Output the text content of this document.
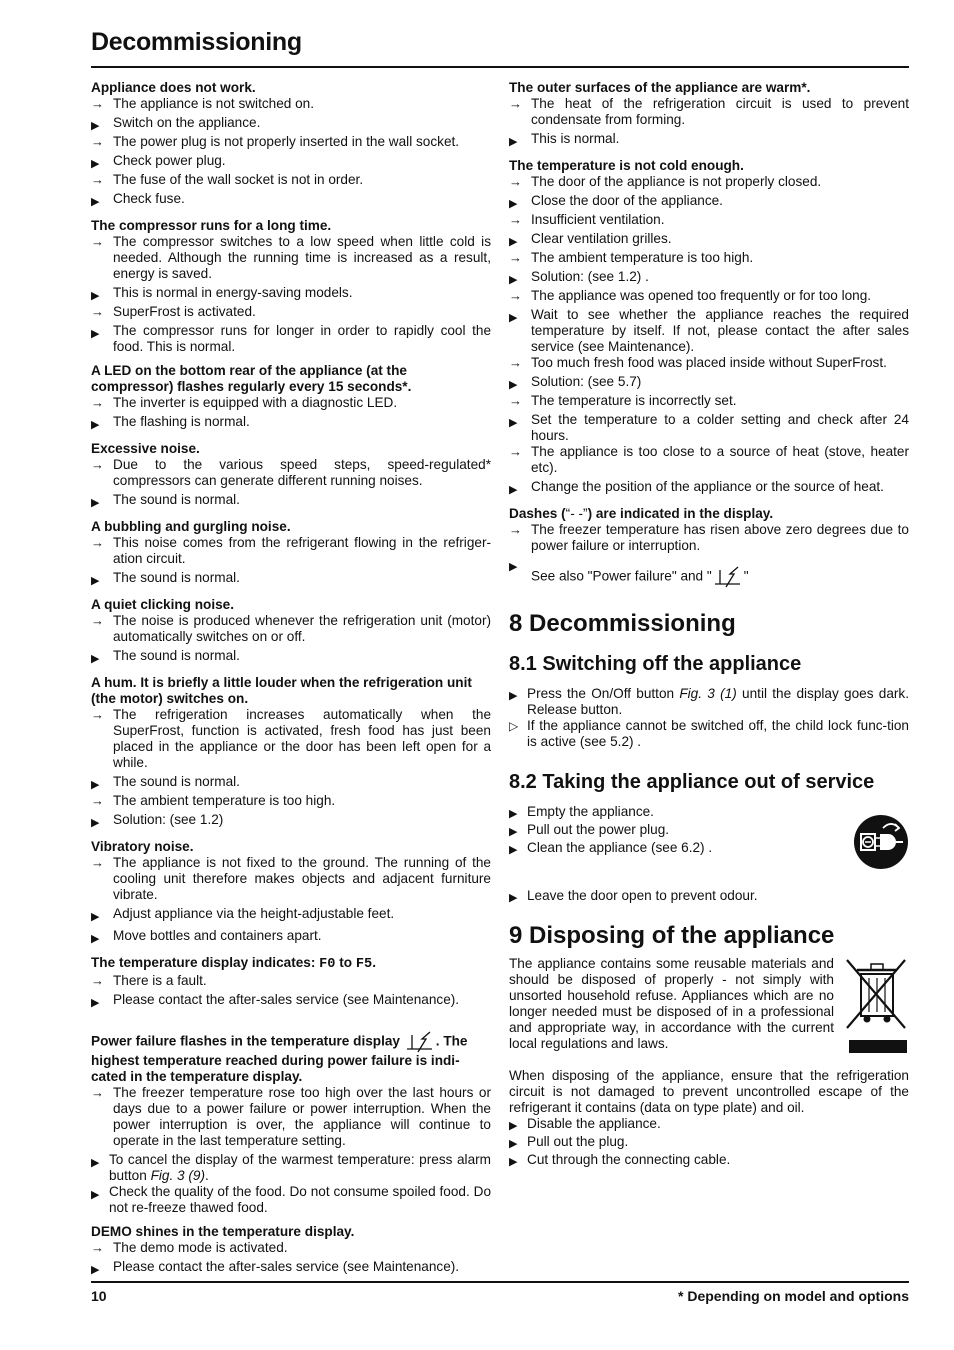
Decommissioning
Appliance does not work.
→ The appliance is not switched on.
▶ Switch on the appliance.
→ The power plug is not properly inserted in the wall socket.
▶ Check power plug.
→ The fuse of the wall socket is not in order.
▶ Check fuse.
The compressor runs for a long time.
→ The compressor switches to a low speed when little cold is needed. Although the running time is increased as a result, energy is saved.
▶ This is normal in energy-saving models.
→ SuperFrost is activated.
▶ The compressor runs for longer in order to rapidly cool the food. This is normal.
A LED on the bottom rear of the appliance (at the compressor) flashes regularly every 15 seconds*.
→ The inverter is equipped with a diagnostic LED.
▶ The flashing is normal.
Excessive noise.
→ Due to the various speed steps, speed-regulated* compressors can generate different running noises.
▶ The sound is normal.
A bubbling and gurgling noise.
→ This noise comes from the refrigerant flowing in the refriger-ation circuit.
▶ The sound is normal.
A quiet clicking noise.
→ The noise is produced whenever the refrigeration unit (motor) automatically switches on or off.
▶ The sound is normal.
A hum. It is briefly a little louder when the refrigeration unit (the motor) switches on.
→ The refrigeration increases automatically when the SuperFrost, function is activated, fresh food has just been placed in the appliance or the door has been left open for a while.
▶ The sound is normal.
→ The ambient temperature is too high.
▶ Solution: (see 1.2)
Vibratory noise.
→ The appliance is not fixed to the ground. The running of the cooling unit therefore makes objects and adjacent furniture vibrate.
▶ Adjust appliance via the height-adjustable feet.
▶ Move bottles and containers apart.
The temperature display indicates: F0 to F5.
→ There is a fault.
▶ Please contact the after-sales service (see Maintenance).
Power failure flashes in the temperature display . The highest temperature reached during power failure is indi-cated in the temperature display.
→ The freezer temperature rose too high over the last hours or days due to a power failure or power interruption. When the power interruption is over, the appliance will continue to operate in the last temperature setting.
▶ To cancel the display of the warmest temperature: press alarm button Fig. 3 (9).
▶ Check the quality of the food. Do not consume spoiled food. Do not re-freeze thawed food.
DEMO shines in the temperature display.
→ The demo mode is activated.
▶ Please contact the after-sales service (see Maintenance).
The outer surfaces of the appliance are warm*.
→ The heat of the refrigeration circuit is used to prevent condensate from forming.
▶ This is normal.
The temperature is not cold enough.
→ The door of the appliance is not properly closed.
▶ Close the door of the appliance.
→ Insufficient ventilation.
▶ Clear ventilation grilles.
→ The ambient temperature is too high.
▶ Solution: (see 1.2) .
→ The appliance was opened too frequently or for too long.
▶ Wait to see whether the appliance reaches the required temperature by itself. If not, please contact the after sales service (see Maintenance).
→ Too much fresh food was placed inside without SuperFrost.
▶ Solution: (see 5.7)
→ The temperature is incorrectly set.
▶ Set the temperature to a colder setting and check after 24 hours.
→ The appliance is too close to a source of heat (stove, heater etc).
▶ Change the position of the appliance or the source of heat.
Dashes (“- -”) are indicated in the display.
→ The freezer temperature has risen above zero degrees due to power failure or interruption.
▶
See also "Power failure" and " "
8 Decommissioning
8.1 Switching off the appliance
▶ Press the On/Off button Fig. 3 (1) until the display goes dark. Release button.
▷ If the appliance cannot be switched off, the child lock func-tion is active (see 5.2) .
8.2 Taking the appliance out of service
▶ Empty the appliance.
▶ Pull out the power plug.
▶ Clean the appliance (see 6.2) .
▶ Leave the door open to prevent odour.
9 Disposing of the appliance
The appliance contains some reusable materials and should be disposed of properly - not simply with unsorted household refuse. Appliances which are no longer needed must be disposed of in a professional and appropriate way, in accordance with the current local regulations and laws.
When disposing of the appliance, ensure that the refrigeration circuit is not damaged to prevent uncontrolled escape of the refrigerant it contains (data on type plate) and oil.
▶ Disable the appliance.
▶ Pull out the plug.
▶ Cut through the connecting cable.
10	* Depending on model and options
